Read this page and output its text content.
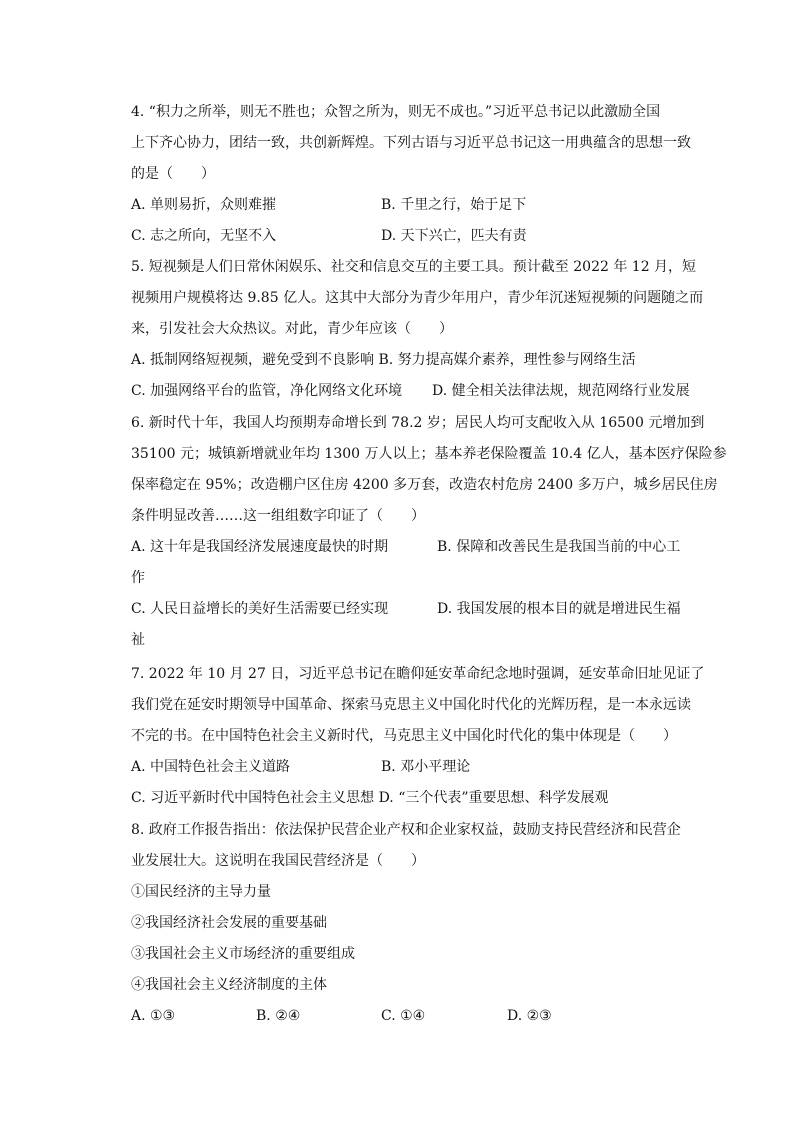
4. “积力之所举，则无不胜也；众智之所为，则无不成也。”习近平总书记以此激励全国
上下齐心协力，团结一致，共创新辉煌。下列古语与习近平总书记这一用典蕴含的思想一致
的是（　　）
A. 单则易折，众则难摧	B. 千里之行，始于足下
C. 志之所向，无坚不入	D. 天下兴亡，匹夫有责
5. 短视频是人们日常休闲娱乐、社交和信息交互的主要工具。预计截至 2022 年 12 月，短
视频用户规模将达 9.85 亿人。这其中大部分为青少年用户，青少年沉迷短视频的问题随之而
来，引发社会大众热议。对此，青少年应该（　　）
A. 抵制网络短视频，避免受到不良影响 B. 努力提高媒介素养，理性参与网络生活
C. 加强网络平台的监管，净化网络文化环境 D. 健全相关法律法规，规范网络行业发展
6. 新时代十年，我国人均预期寿命增长到 78.2 岁；居民人均可支配收入从 16500 元增加到
35100 元；城镇新增就业年均 1300 万人以上；基本养老保险覆盖 10.4 亿人，基本医疗保险参
保率稳定在 95%；改造棚户区住房 4200 多万套，改造农村危房 2400 多万户，城乡居民住房
条件明显改善……这一组组数字印证了（　　）
A. 这十年是我国经济发展速度最快的时期	B. 保障和改善民生是我国当前的中心工
作
C. 人民日益增长的美好生活需要已经实现	D. 我国发展的根本目的就是增进民生福
祉
7. 2022 年 10 月 27 日，习近平总书记在瞻仰延安革命纪念地时强调，延安革命旧址见证了
我们党在延安时期领导中国革命、探索马克思主义中国化时代化的光辉历程，是一本永远读
不完的书。在中国特色社会主义新时代，马克思主义中国化时代化的集中体现是（　　）
A. 中国特色社会主义道路	B. 邓小平理论
C. 习近平新时代中国特色社会主义思想 D. “三个代表”重要思想、科学发展观
8. 政府工作报告指出：依法保护民营企业产权和企业家权益，鼓励支持民营经济和民营企
业发展壮大。这说明在我国民营经济是（　　）
①国民经济的主导力量
②我国经济社会发展的重要基础
③我国社会主义市场经济的重要组成
④我国社会主义经济制度的主体
A. ①③	B. ②④	C. ①④	D. ②③
